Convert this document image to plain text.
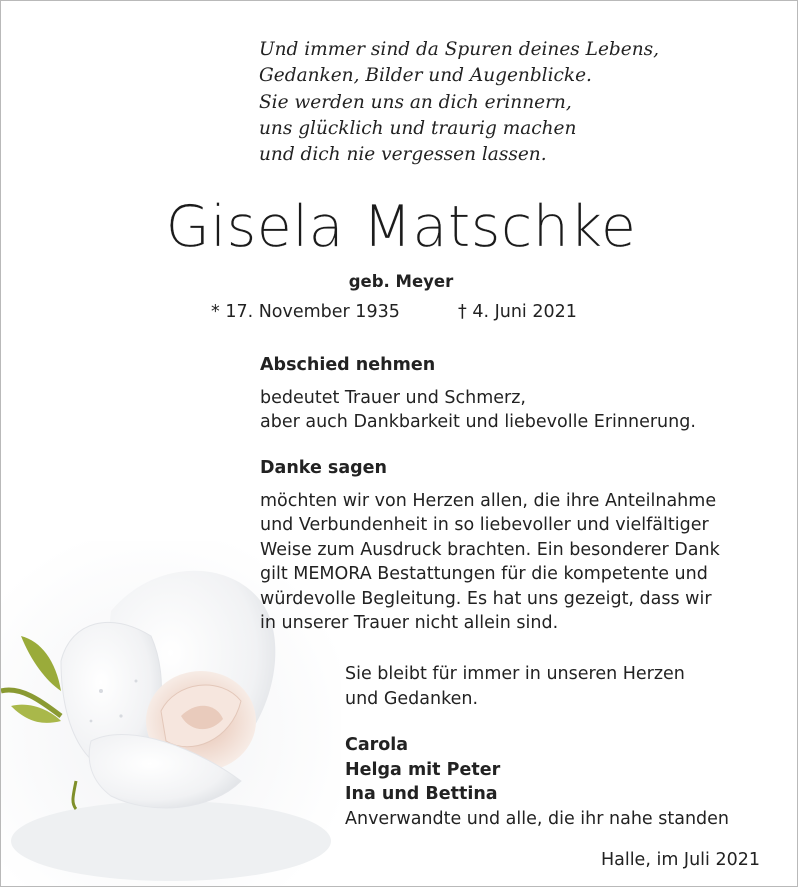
Und immer sind da Spuren deines Lebens,
Gedanken, Bilder und Augenblicke.
Sie werden uns an dich erinnern,
uns glücklich und traurig machen
und dich nie vergessen lassen.
Gisela Matschke
geb. Meyer
* 17. November 1935	† 4. Juni 2021
Abschied nehmen
bedeutet Trauer und Schmerz,
aber auch Dankbarkeit und liebevolle Erinnerung.
Danke sagen
möchten wir von Herzen allen, die ihre Anteilnahme
und Verbundenheit in so liebevoller und vielfältiger
Weise zum Ausdruck brachten. Ein besonderer Dank
gilt MEMORA Bestattungen für die kompetente und
würdevolle Begleitung. Es hat uns gezeigt, dass wir
in unserer Trauer nicht allein sind.
Sie bleibt für immer in unseren Herzen
und Gedanken.
Carola
Helga mit Peter
Ina und Bettina
Anverwandte und alle, die ihr nahe standen
Halle, im Juli 2021
